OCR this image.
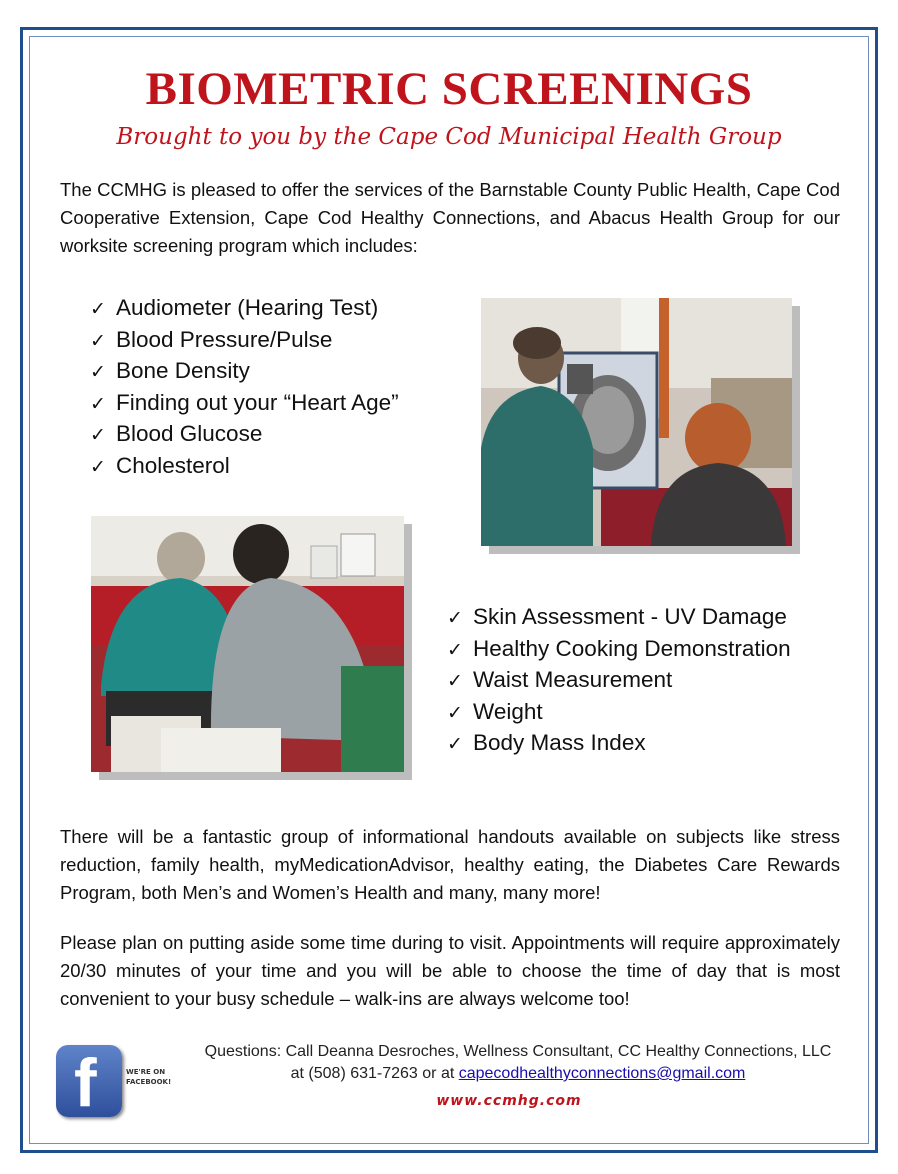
BIOMETRIC SCREENINGS
Brought to you by the Cape Cod Municipal Health Group

The CCMHG is pleased to offer the services of the Barnstable County Public Health, Cape Cod Cooperative Extension, Cape Cod Healthy Connections, and Abacus Health Group for our worksite screening program which includes:

✓ Audiometer (Hearing Test)
✓ Blood Pressure/Pulse
✓ Bone Density
✓ Finding out your “Heart Age”
✓ Blood Glucose
✓ Cholesterol
✓ Skin Assessment - UV Damage
✓ Healthy Cooking Demonstration
✓ Waist Measurement
✓ Weight
✓ Body Mass Index

There will be a fantastic group of informational handouts available on subjects like stress reduction, family health, myMedicationAdvisor, healthy eating, the Diabetes Care Rewards Program, both Men’s and Women’s Health and many, many more!

Please plan on putting aside some time during to visit. Appointments will require approximately 20/30 minutes of your time and you will be able to choose the time of day that is most convenient to your busy schedule – walk-ins are always welcome too!

f	WE'RE ON FACEBOOK!
Questions: Call Deanna Desroches, Wellness Consultant, CC Healthy Connections, LLC
at (508) 631-7263 or at capecodhealthyconnections@gmail.com
www.ccmhg.com
